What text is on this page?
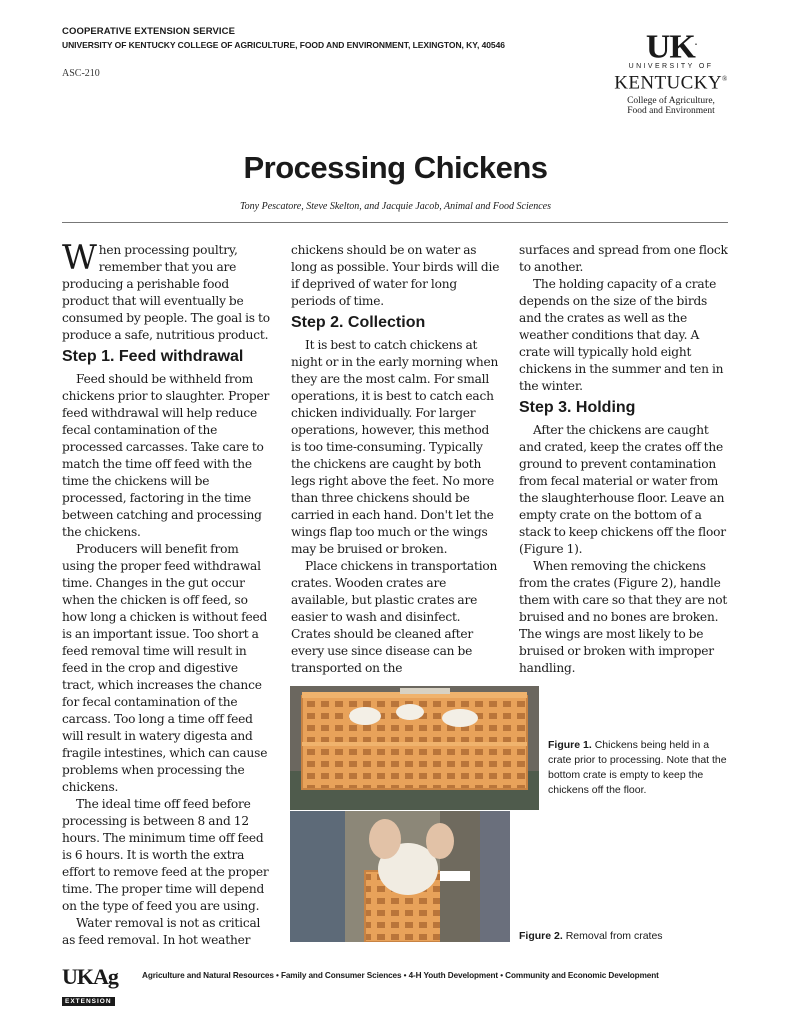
COOPERATIVE EXTENSION SERVICE
UNIVERSITY OF KENTUCKY COLLEGE OF AGRICULTURE, FOOD AND ENVIRONMENT, LEXINGTON, KY, 40546
ASC-210
UK.
UNIVERSITY OF
KENTUCKY®
College of Agriculture,
Food and Environment
Processing Chickens
Tony Pescatore, Steve Skelton, and Jacquie Jacob, Animal and Food Sciences

When processing poultry, remember that you are producing a perishable food product that will eventually be consumed by people. The goal is to produce a safe, nutritious product.

Step 1. Feed withdrawal

Feed should be withheld from chickens prior to slaughter. Proper feed withdrawal will help reduce fecal contamination of the processed carcasses. Take care to match the time off feed with the time the chickens will be processed, factoring in the time between catching and processing the chickens.

Producers will benefit from using the proper feed withdrawal time. Changes in the gut occur when the chicken is off feed, so how long a chicken is without feed is an important issue. Too short a feed removal time will result in feed in the crop and digestive tract, which increases the chance for fecal contamination of the carcass. Too long a time off feed will result in watery digesta and fragile intestines, which can cause problems when processing the chickens.

The ideal time off feed before processing is between 8 and 12 hours. The minimum time off feed is 6 hours. It is worth the extra effort to remove feed at the proper time. The proper time will depend on the type of feed you are using.

Water removal is not as critical as feed removal. In hot weather

chickens should be on water as long as possible. Your birds will die if deprived of water for long periods of time.

Step 2. Collection

It is best to catch chickens at night or in the early morning when they are the most calm. For small operations, it is best to catch each chicken individually. For larger operations, however, this method is too time-consuming. Typically the chickens are caught by both legs right above the feet. No more than three chickens should be carried in each hand. Don't let the wings flap too much or the wings may be bruised or broken.

Place chickens in transportation crates. Wooden crates are available, but plastic crates are easier to wash and disinfect. Crates should be cleaned after every use since disease can be transported on the

surfaces and spread from one flock to another.

The holding capacity of a crate depends on the size of the birds and the crates as well as the weather conditions that day. A crate will typically hold eight chickens in the summer and ten in the winter.

Step 3. Holding

After the chickens are caught and crated, keep the crates off the ground to prevent contamination from fecal material or water from the slaughterhouse floor. Leave an empty crate on the bottom of a stack to keep chickens off the floor (Figure 1).

When removing the chickens from the crates (Figure 2), handle them with care so that they are not bruised and no bones are broken. The wings are most likely to be bruised or broken with improper handling.

Figure 1. Chickens being held in a crate prior to processing. Note that the bottom crate is empty to keep the chickens off the floor.
Figure 2. Removal from crates
UKAg
EXTENSION
Agriculture and Natural Resources • Family and Consumer Sciences • 4-H Youth Development • Community and Economic Development
